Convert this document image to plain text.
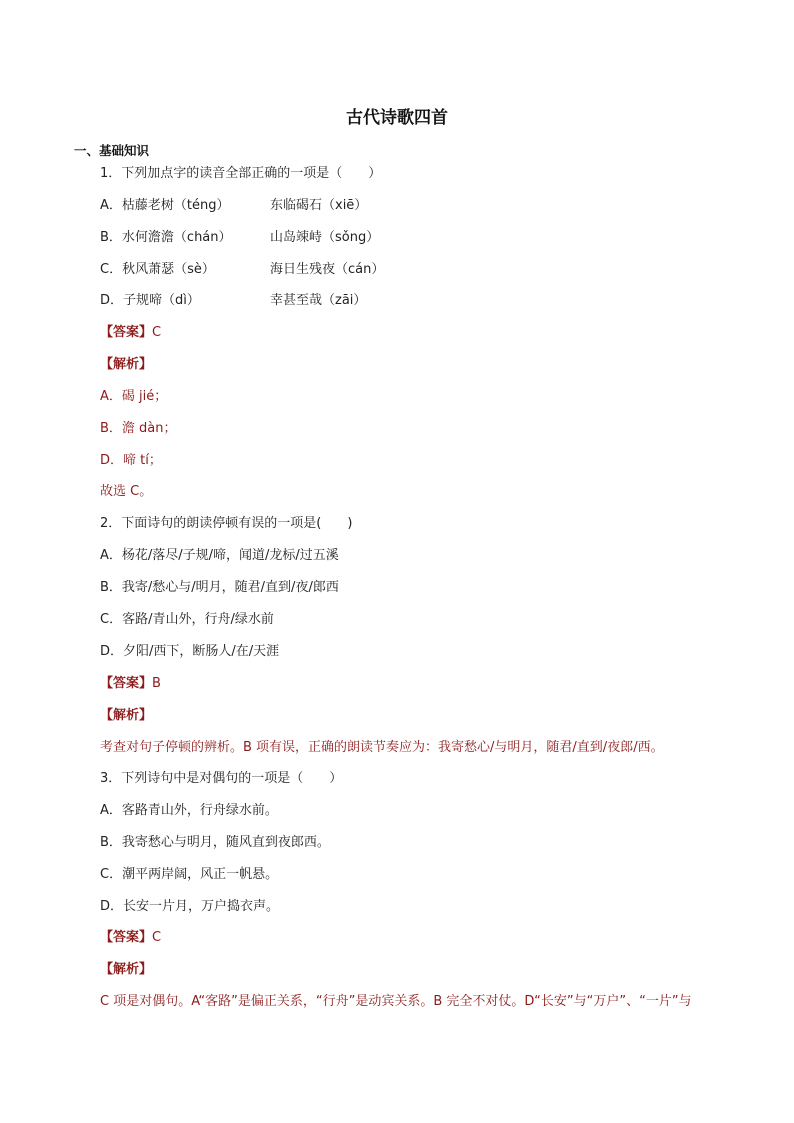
古代诗歌四首
一、基础知识
1．下列加点字的读音全部正确的一项是（　　）
A．枯藤老树（téng）	东临碣石（xiē）
B．水何澹澹（chán）	山岛竦峙（sǒng）
C．秋风萧瑟（sè）	海日生残夜（cán）
D．子规啼（dì）	幸甚至哉（zāi）
【答案】C
【解析】
A．碣 jié；
B．澹 dàn；
D．啼 tí；
故选 C。
2．下面诗句的朗读停顿有误的一项是(　　)
A．杨花/落尽/子规/啼，闻道/龙标/过五溪
B．我寄/愁心与/明月，随君/直到/夜/郎西
C．客路/青山外，行舟/绿水前
D．夕阳/西下，断肠人/在/天涯
【答案】B
【解析】
考查对句子停顿的辨析。B 项有误，正确的朗读节奏应为：我寄愁心/与明月，随君/直到/夜郎/西。
3．下列诗句中是对偶句的一项是（　　）
A．客路青山外，行舟绿水前。
B．我寄愁心与明月，随风直到夜郎西。
C．潮平两岸阔，风正一帆悬。
D．长安一片月，万户捣衣声。
【答案】C
【解析】
C 项是对偶句。A“客路”是偏正关系，“行舟”是动宾关系。B 完全不对仗。D“长安”与“万户”、“一片”与
